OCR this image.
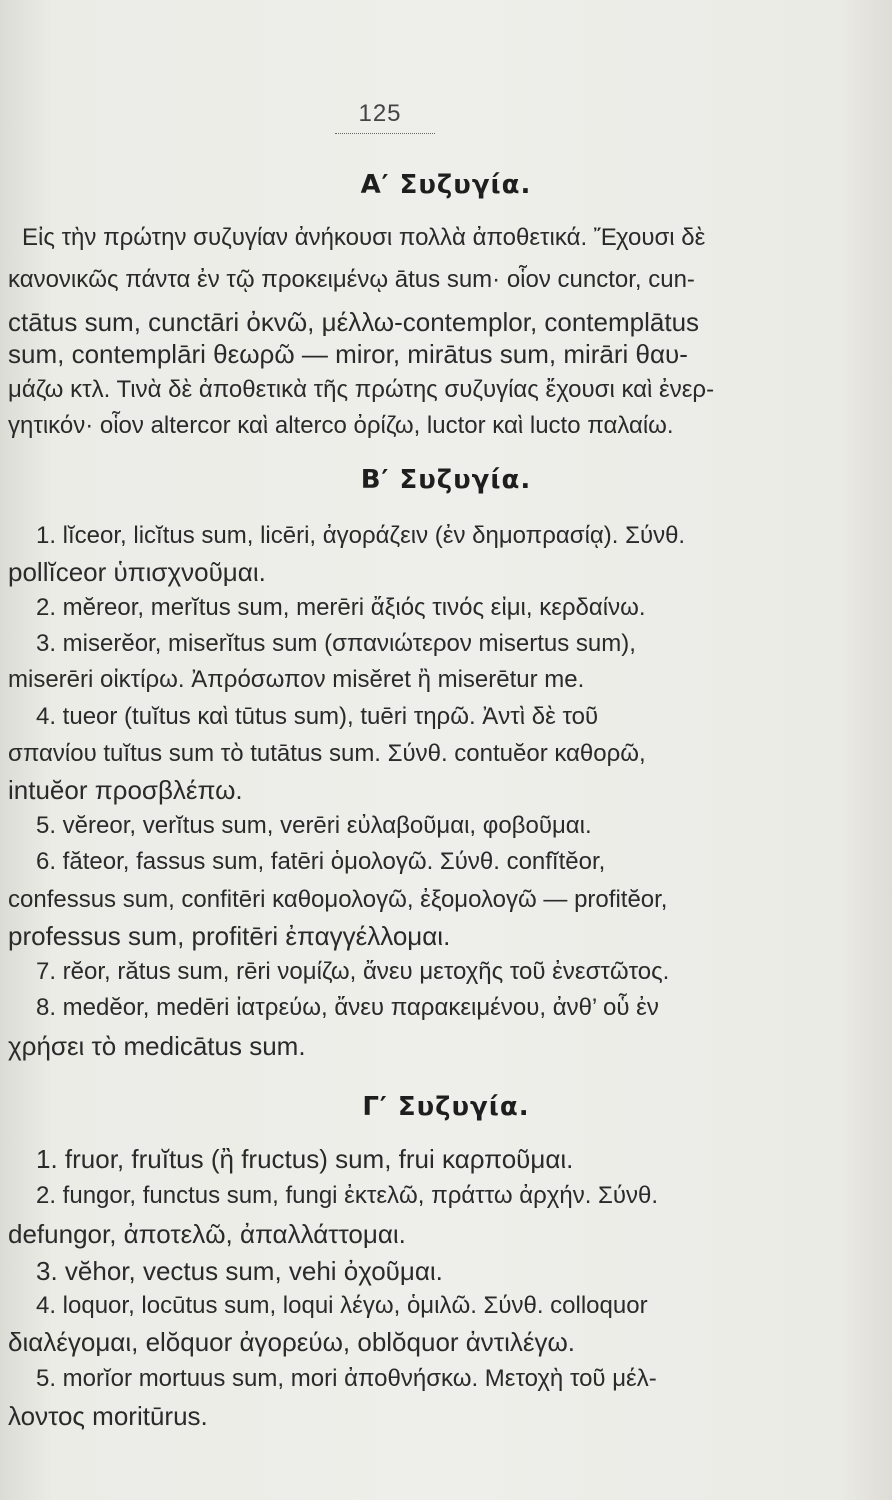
125
Α′ Συζυγία.
Εἰς τὴν πρώτην συζυγίαν ἀνήκουσι πολλὰ ἀποθετικά. Ἔχουσι δὲ
κανονικῶς πάντα ἐν τῷ προκειμένῳ ātus sum· οἷον cunctor, cun-
ctātus sum, cunctāri ὀκνῶ, μέλλω-contemplor, contemplātus
sum, contemplāri θεωρῶ — miror, mirātus sum, mirāri θαυ-
μάζω κτλ. Τινὰ δὲ ἀποθετικὰ τῆς πρώτης συζυγίας ἔχουσι καὶ ἐνερ-
γητικόν· οἷον altercor καὶ alterco ὀρίζω, luctor καὶ lucto παλαίω.
Β′ Συζυγία.
1. lĭceor, licĭtus sum, licēri, ἀγοράζειν (ἐν δημοπρασίᾳ). Σύνθ.
pollĭceor ὑπισχνοῦμαι.
2. mĕreor, merĭtus sum, merēri ἄξιός τινός εἰμι, κερδαίνω.
3. miserĕor, miserĭtus sum (σπανιώτερον misertus sum),
miserēri οἰκτίρω. Ἀπρόσωπον misĕret ἢ miserētur me.
4. tueor (tuĭtus καὶ tūtus sum), tuēri τηρῶ. Ἀντὶ δὲ τοῦ
σπανίου tuĭtus sum τὸ tutātus sum. Σύνθ. contuĕor καθορῶ,
intuĕor προσβλέπω.
5. vĕreor, verĭtus sum, verēri εὐλαβοῦμαι, φοβοῦμαι.
6. făteor, fassus sum, fatēri ὁμολογῶ. Σύνθ. confĭtĕor,
confessus sum, confitēri καθομολογῶ, ἐξομολογῶ — profitĕor,
professus sum, profitēri ἐπαγγέλλομαι.
7. rĕor, rătus sum, rēri νομίζω, ἄνευ μετοχῆς τοῦ ἐνεστῶτος.
8. medĕor, medēri ἰατρεύω, ἄνευ παρακειμένου, ἀνθ’ οὗ ἐν
χρήσει τὸ medicātus sum.
Γ′ Συζυγία.
1. fruor, fruĭtus (ἢ fructus) sum, frui καρποῦμαι.
2. fungor, functus sum, fungi ἐκτελῶ, πράττω ἀρχήν. Σύνθ.
defungor, ἀποτελῶ, ἀπαλλάττομαι.
3. vĕhor, vectus sum, vehi ὀχοῦμαι.
4. loquor, locūtus sum, loqui λέγω, ὁμιλῶ. Σύνθ. colloquor
διαλέγομαι, elŏquor ἀγορεύω, oblŏquor ἀντιλέγω.
5. morĭor mortuus sum, mori ἀποθνήσκω. Μετοχὴ τοῦ μέλ-
λοντος moritūrus.
